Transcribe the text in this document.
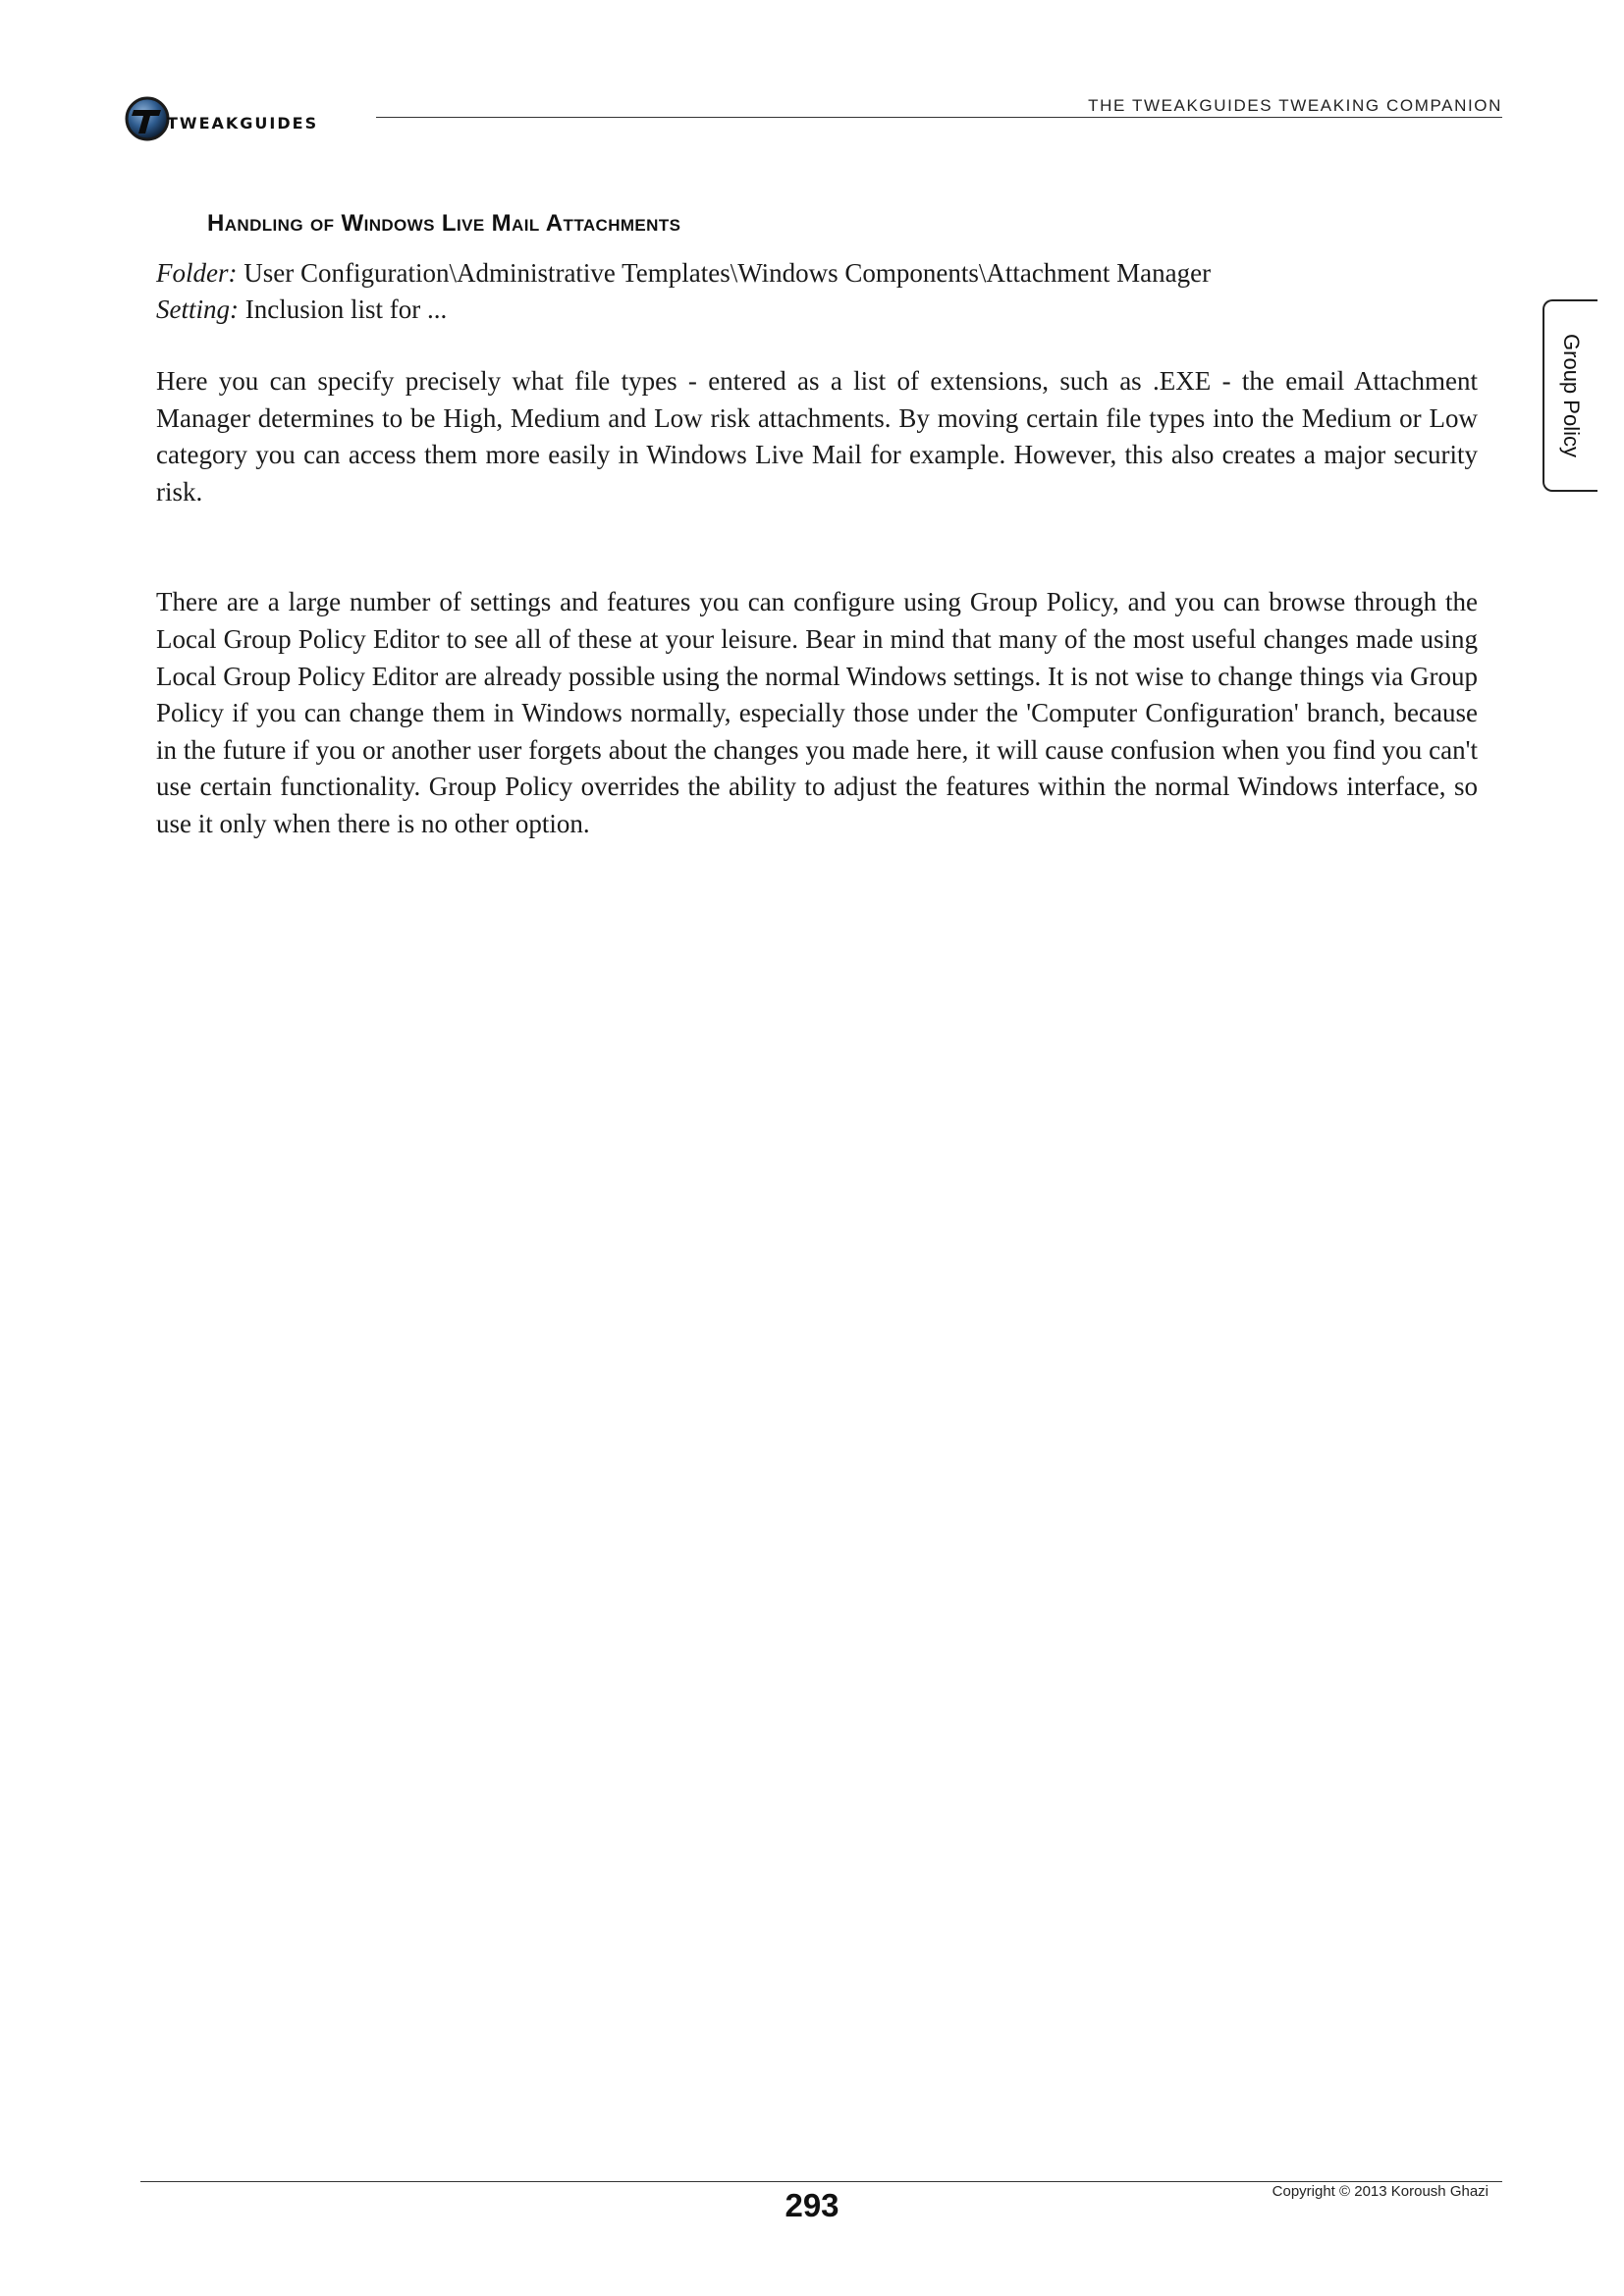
TWEAKGUIDES
THE TWEAKGUIDES TWEAKING COMPANION
Group Policy
Handling of Windows Live Mail Attachments
Folder: User Configuration\Administrative Templates\Windows Components\Attachment Manager
Setting: Inclusion list for ...

Here you can specify precisely what file types - entered as a list of extensions, such as .EXE - the email Attachment Manager determines to be High, Medium and Low risk attachments. By moving certain file types into the Medium or Low category you can access them more easily in Windows Live Mail for example. However, this also creates a major security risk.

There are a large number of settings and features you can configure using Group Policy, and you can browse through the Local Group Policy Editor to see all of these at your leisure. Bear in mind that many of the most useful changes made using Local Group Policy Editor are already possible using the normal Windows settings. It is not wise to change things via Group Policy if you can change them in Windows normally, especially those under the 'Computer Configuration' branch, because in the future if you or another user forgets about the changes you made here, it will cause confusion when you find you can't use certain functionality. Group Policy overrides the ability to adjust the features within the normal Windows interface, so use it only when there is no other option.

293	Copyright © 2013 Koroush Ghazi
